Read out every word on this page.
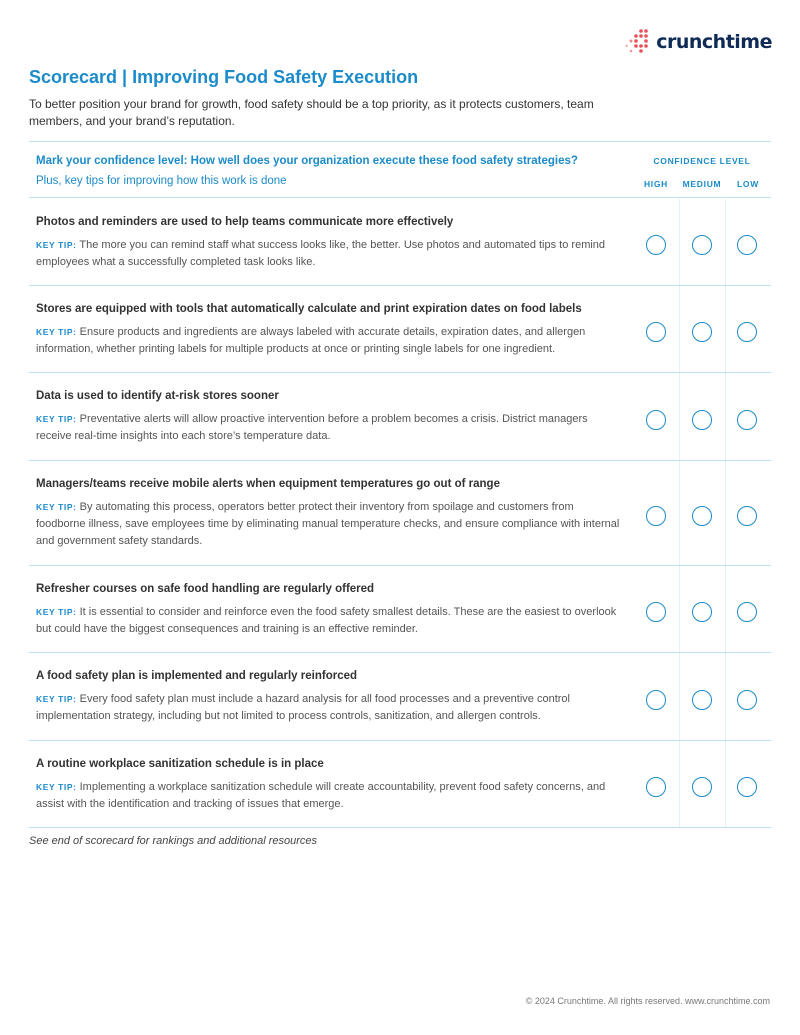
crunchtime
Scorecard | Improving Food Safety Execution
To better position your brand for growth, food safety should be a top priority, as it protects customers, team members, and your brand’s reputation.
Mark your confidence level: How well does your organization execute these food safety strategies?
Plus, key tips for improving how this work is done
CONFIDENCE LEVEL
HIGH	MEDIUM	LOW
Photos and reminders are used to help teams communicate more effectively
KEY TIP: The more you can remind staff what success looks like, the better. Use photos and automated tips to remind employees what a successfully completed task looks like.
Stores are equipped with tools that automatically calculate and print expiration dates on food labels
KEY TIP: Ensure products and ingredients are always labeled with accurate details, expiration dates, and allergen information, whether printing labels for multiple products at once or printing single labels for one ingredient.
Data is used to identify at-risk stores sooner
KEY TIP: Preventative alerts will allow proactive intervention before a problem becomes a crisis. District managers receive real-time insights into each store’s temperature data.
Managers/teams receive mobile alerts when equipment temperatures go out of range
KEY TIP: By automating this process, operators better protect their inventory from spoilage and customers from foodborne illness, save employees time by eliminating manual temperature checks, and ensure compliance with internal and government safety standards.
Refresher courses on safe food handling are regularly offered
KEY TIP: It is essential to consider and reinforce even the food safety smallest details. These are the easiest to overlook but could have the biggest consequences and training is an effective reminder.
A food safety plan is implemented and regularly reinforced
KEY TIP: Every food safety plan must include a hazard analysis for all food processes and a preventive control implementation strategy, including but not limited to process controls, sanitization, and allergen controls.
A routine workplace sanitization schedule is in place
KEY TIP: Implementing a workplace sanitization schedule will create accountability, prevent food safety concerns, and assist with the identification and tracking of issues that emerge.
See end of scorecard for rankings and additional resources
© 2024 Crunchtime. All rights reserved. www.crunchtime.com
